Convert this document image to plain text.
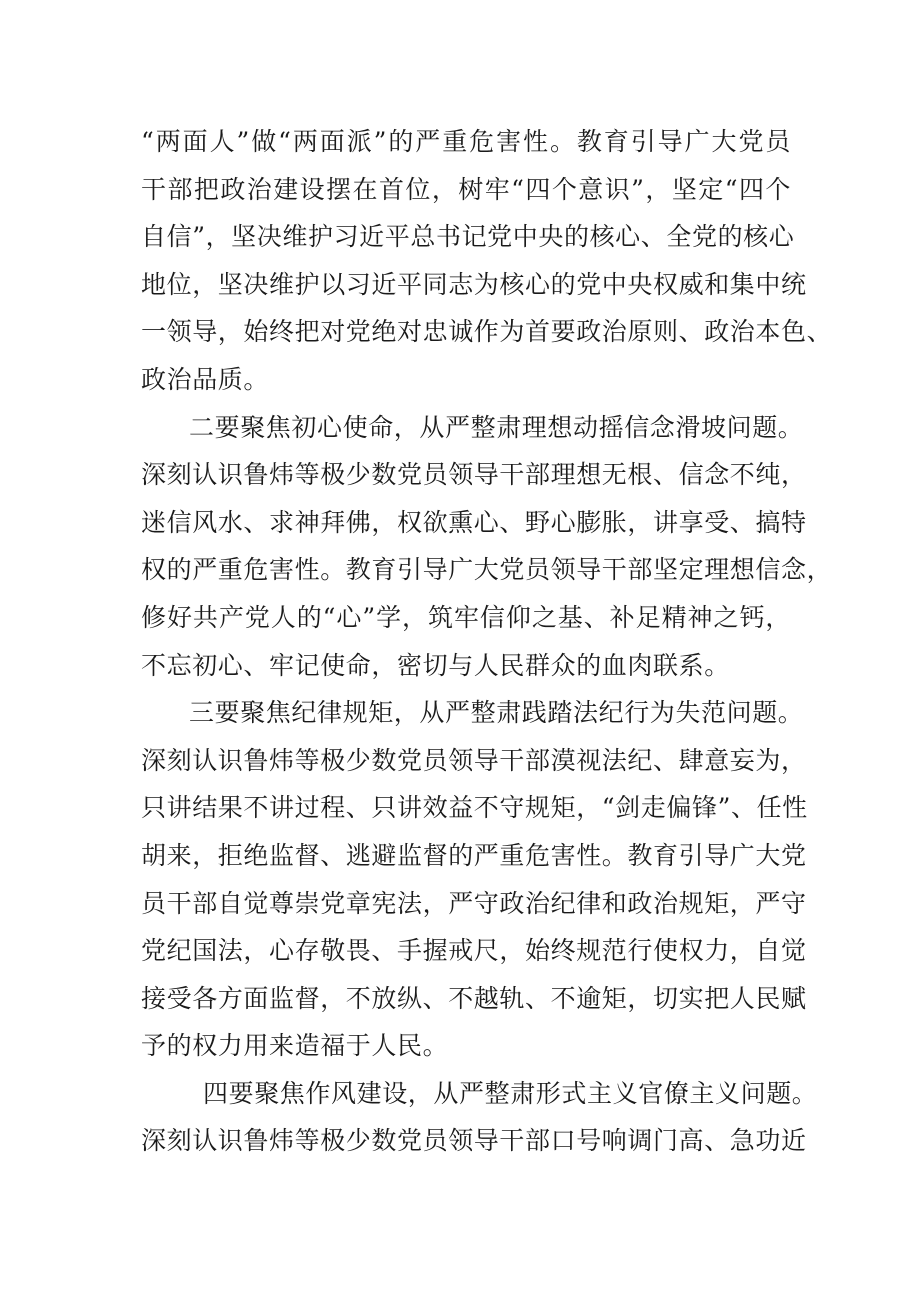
“两面人”做“两面派”的严重危害性。教育引导广大党员
干部把政治建设摆在首位，树牢“四个意识”，坚定“四个
自信”，坚决维护习近平总书记党中央的核心、全党的核心
地位，坚决维护以习近平同志为核心的党中央权威和集中统
一领导，始终把对党绝对忠诚作为首要政治原则、政治本色、
政治品质。
二要聚焦初心使命，从严整肃理想动摇信念滑坡问题。
深刻认识鲁炜等极少数党员领导干部理想无根、信念不纯，
迷信风水、求神拜佛，权欲熏心、野心膨胀，讲享受、搞特
权的严重危害性。教育引导广大党员领导干部坚定理想信念，
修好共产党人的“心”学，筑牢信仰之基、补足精神之钙，
不忘初心、牢记使命，密切与人民群众的血肉联系。
三要聚焦纪律规矩，从严整肃践踏法纪行为失范问题。
深刻认识鲁炜等极少数党员领导干部漠视法纪、肆意妄为，
只讲结果不讲过程、只讲效益不守规矩，“剑走偏锋”、任性
胡来，拒绝监督、逃避监督的严重危害性。教育引导广大党
员干部自觉尊崇党章宪法，严守政治纪律和政治规矩，严守
党纪国法，心存敬畏、手握戒尺，始终规范行使权力，自觉
接受各方面监督，不放纵、不越轨、不逾矩，切实把人民赋
予的权力用来造福于人民。
四要聚焦作风建设，从严整肃形式主义官僚主义问题。
深刻认识鲁炜等极少数党员领导干部口号响调门高、急功近
